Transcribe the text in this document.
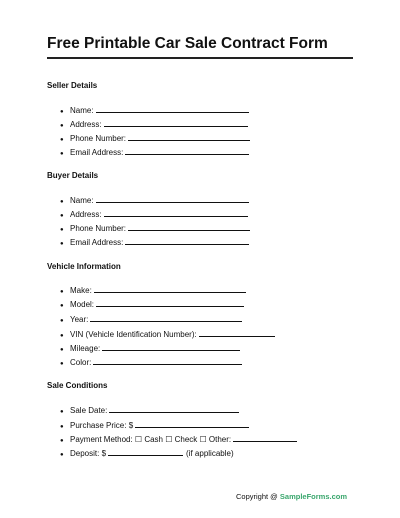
Free Printable Car Sale Contract Form
Seller Details
● Name:
● Address:
● Phone Number:
● Email Address:
Buyer Details
● Name:
● Address:
● Phone Number:
● Email Address:
Vehicle Information
● Make:
● Model:
● Year:
● VIN (Vehicle Identification Number):
● Mileage:
● Color:
Sale Conditions
● Sale Date:
● Purchase Price: $
● Payment Method: ☐ Cash ☐ Check ☐ Other:
● Deposit: $	(if applicable)
Copyright @ SampleForms.com
